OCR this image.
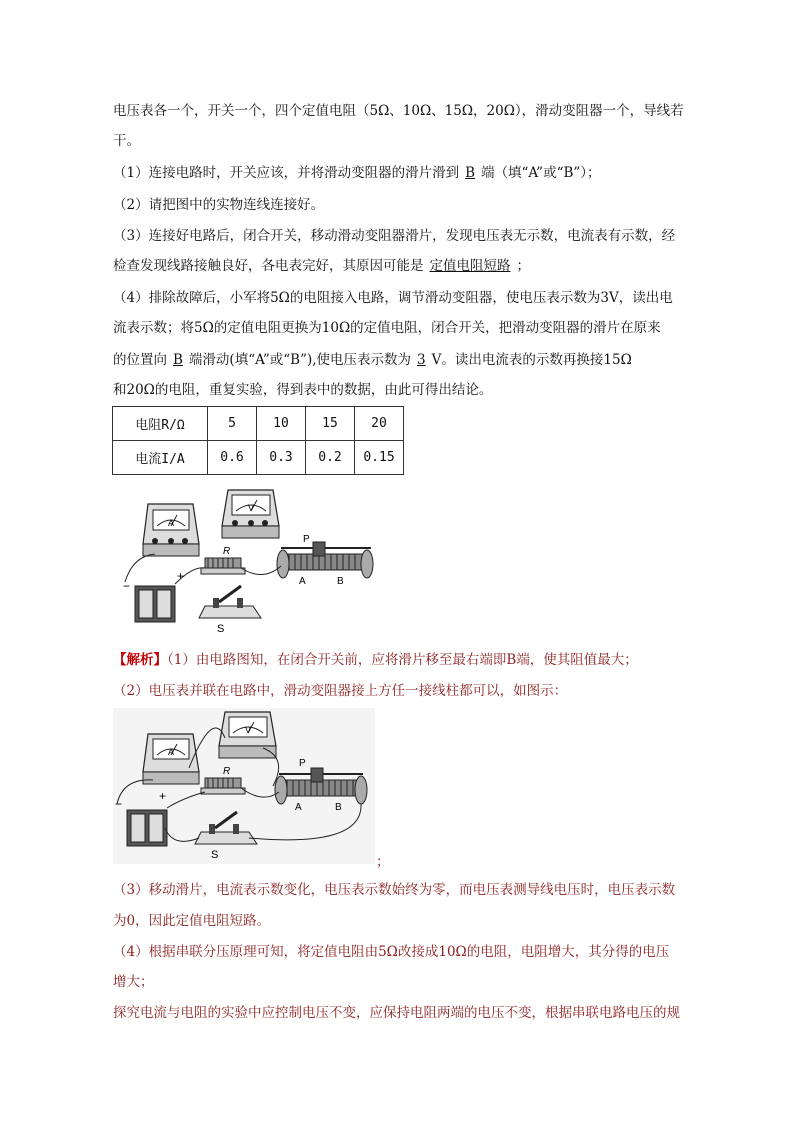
电压表各一个，开关一个，四个定值电阻（5Ω、10Ω、15Ω，20Ω），滑动变阻器一个，导线若
干。
（1）连接电路时，开关应该，并将滑动变阻器的滑片滑到 B 端（填“A”或“B”）；
（2）请把图中的实物连线连接好。
（3）连接好电路后，闭合开关，移动滑动变阻器滑片，发现电压表无示数，电流表有示数，经
检查发现线路接触良好，各电表完好，其原因可能是 定值电阻短路 ；
（4）排除故障后，小军将5Ω的电阻接入电路，调节滑动变阻器，使电压表示数为3V，读出电
流表示数；将5Ω的定值电阻更换为10Ω的定值电阻，闭合开关，把滑动变阻器的滑片在原来
的位置向 B 端滑动(填“A”或“B”),使电压表示数为 3 V。读出电流表的示数再换接15Ω
和20Ω的电阻，重复实验，得到表中的数据，由此可得出结论。
电阻R/Ω	5	10	15	20
电流I/A	0.6	0.3	0.2	0.15
A
V
R
P
A	B
−
+
S
【解析】（1）由电路图知，在闭合开关前，应将滑片移至最右端即B端，使其阻值最大；
（2）电压表并联在电路中，滑动变阻器接上方任一接线柱都可以，如图示：
A
V
R
P
A	B
−
+
S	；
（3）移动滑片，电流表示数变化，电压表示数始终为零，而电压表测导线电压时，电压表示数
为0，因此定值电阻短路。
（4）根据串联分压原理可知，将定值电阻由5Ω改接成10Ω的电阻，电阻增大，其分得的电压
增大；
探究电流与电阻的实验中应控制电压不变，应保持电阻两端的电压不变，根据串联电路电压的规
